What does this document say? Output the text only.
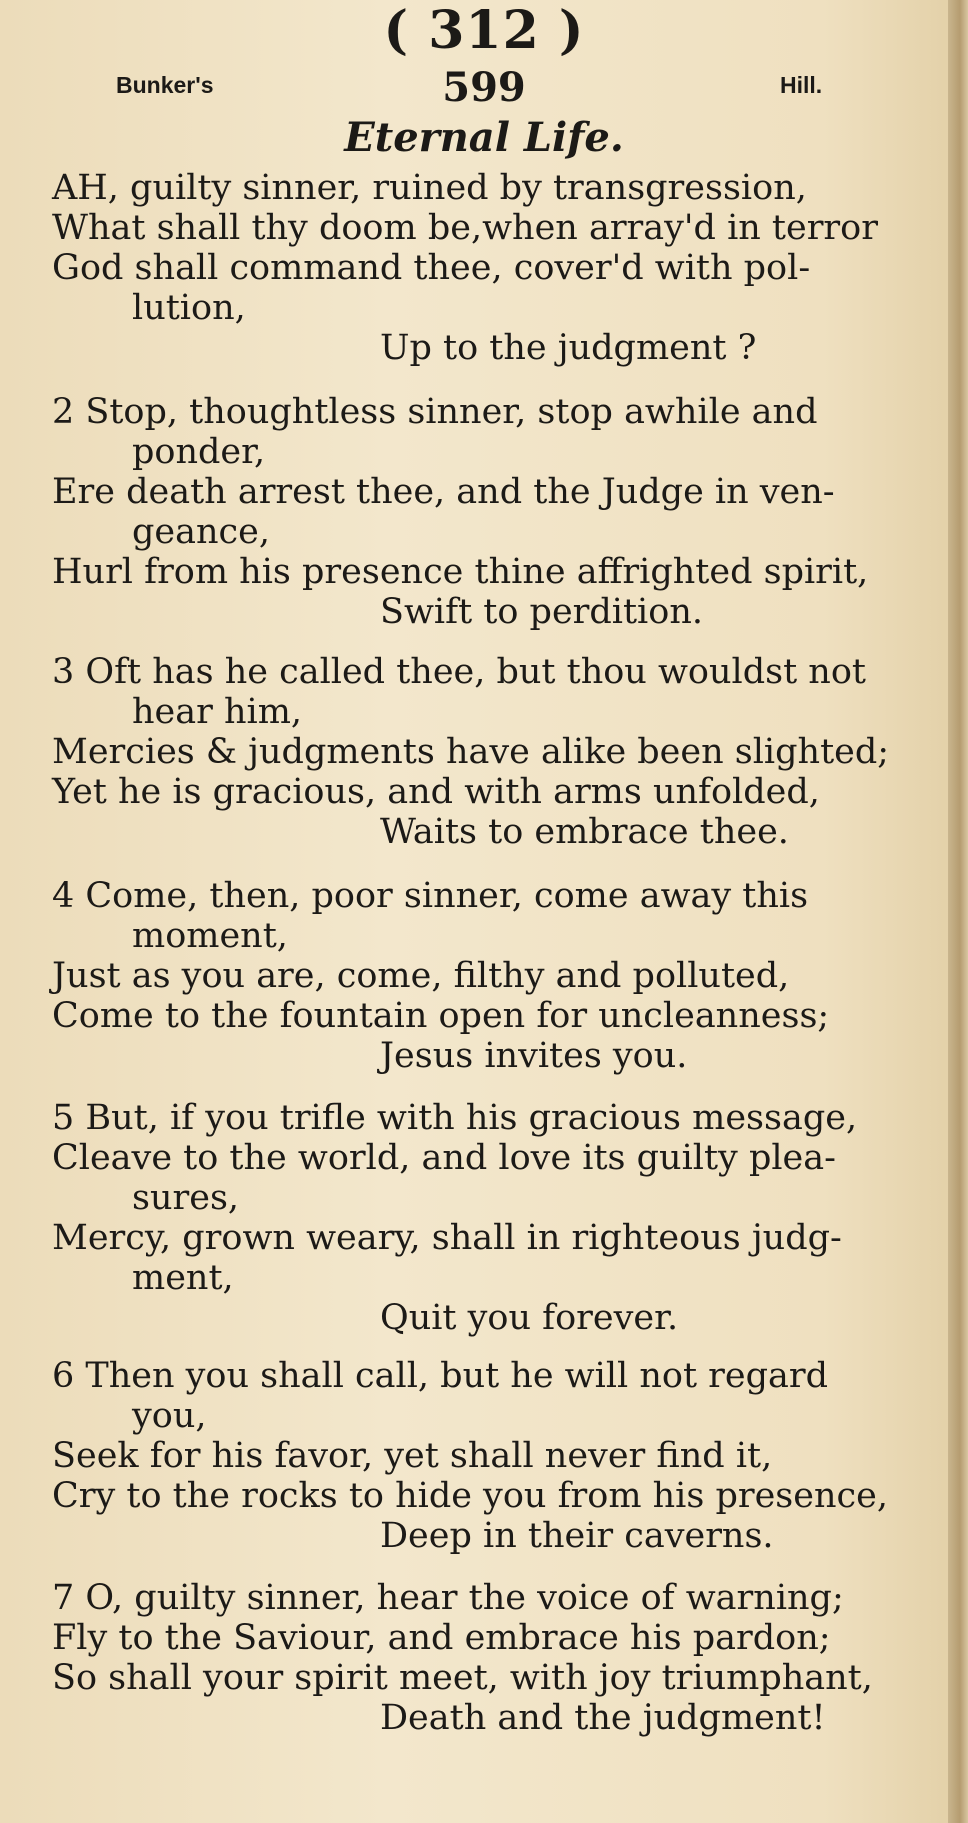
( 312 )
Bunker's	599	Hill.
Eternal Life.
AH, guilty sinner, ruined by transgression,
What shall thy doom be,when array'd in terror
God shall command thee, cover'd with pol-
lution,
Up to the judgment ?
2 Stop, thoughtless sinner, stop awhile and
ponder,
Ere death arrest thee, and the Judge in ven-
geance,
Hurl from his presence thine affrighted spirit,
Swift to perdition.
3 Oft has he called thee, but thou wouldst not
hear him,
Mercies & judgments have alike been slighted;
Yet he is gracious, and with arms unfolded,
Waits to embrace thee.
4 Come, then, poor sinner, come away this
moment,
Just as you are, come, filthy and polluted,
Come to the fountain open for uncleanness;
Jesus invites you.
5 But, if you trifle with his gracious message,
Cleave to the world, and love its guilty plea-
sures,
Mercy, grown weary, shall in righteous judg-
ment,
Quit you forever.
6 Then you shall call, but he will not regard
you,
Seek for his favor, yet shall never find it,
Cry to the rocks to hide you from his presence,
Deep in their caverns.
7 O, guilty sinner, hear the voice of warning;
Fly to the Saviour, and embrace his pardon;
So shall your spirit meet, with joy triumphant,
Death and the judgment!
